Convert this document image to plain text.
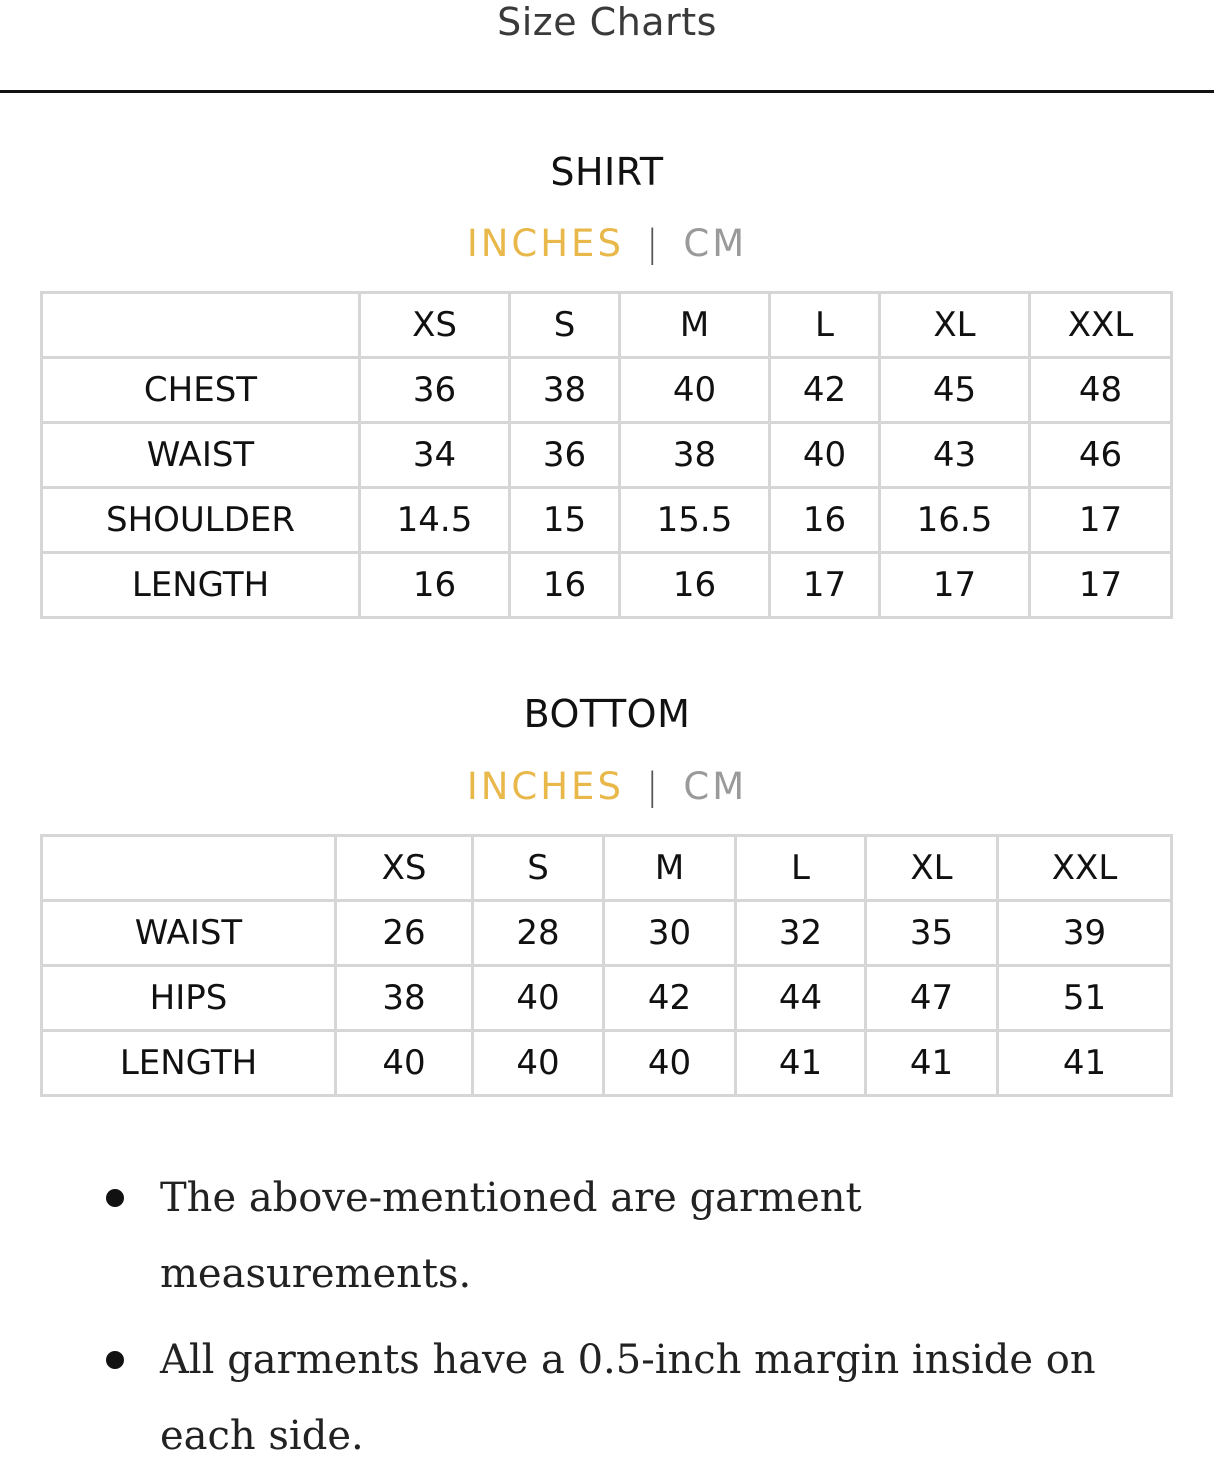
Size Charts
SHIRT
INCHES | CM
	XS	S	M	L	XL	XXL
CHEST	36	38	40	42	45	48
WAIST	34	36	38	40	43	46
SHOULDER	14.5	15	15.5	16	16.5	17
LENGTH	16	16	16	17	17	17
BOTTOM
INCHES | CM
	XS	S	M	L	XL	XXL
WAIST	26	28	30	32	35	39
HIPS	38	40	42	44	47	51
LENGTH	40	40	40	41	41	41
The above-mentioned are garment measurements.
All garments have a 0.5-inch margin inside on each side.
